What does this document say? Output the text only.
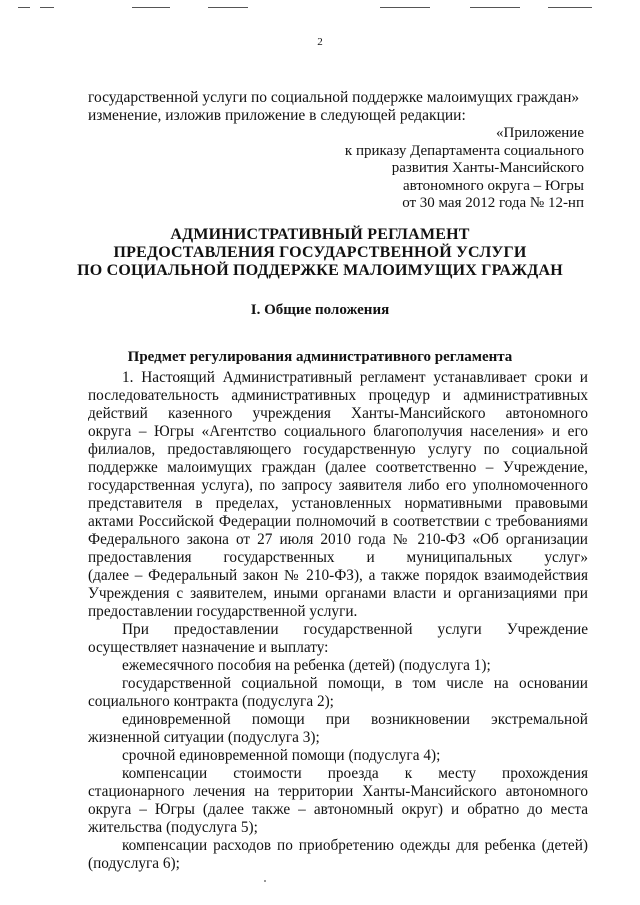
2
государственной услуги по социальной поддержке малоимущих граждан»
изменение, изложив приложение в следующей редакции:
«Приложение
к приказу Департамента социального
развития Ханты-Мансийского
автономного округа – Югры
от 30 мая 2012 года № 12-нп
АДМИНИСТРАТИВНЫЙ РЕГЛАМЕНТ
ПРЕДОСТАВЛЕНИЯ ГОСУДАРСТВЕННОЙ УСЛУГИ
ПО СОЦИАЛЬНОЙ ПОДДЕРЖКЕ МАЛОИМУЩИХ ГРАЖДАН
I. Общие положения
Предмет регулирования административного регламента
1. Настоящий Административный регламент устанавливает сроки и
последовательность административных процедур и административных
действий казенного учреждения Ханты-Мансийского автономного
округа – Югры «Агентство социального благополучия населения» и его
филиалов, предоставляющего государственную услугу по социальной
поддержке малоимущих граждан (далее соответственно – Учреждение,
государственная услуга), по запросу заявителя либо его уполномоченного
представителя в пределах, установленных нормативными правовыми
актами Российской Федерации полномочий в соответствии с требованиями
Федерального закона от 27 июля 2010 года № 210-ФЗ «Об организации
предоставления государственных и муниципальных услуг»
(далее – Федеральный закон № 210-ФЗ), а также порядок взаимодействия
Учреждения с заявителем, иными органами власти и организациями при
предоставлении государственной услуги.
При предоставлении государственной услуги Учреждение
осуществляет назначение и выплату:
ежемесячного пособия на ребенка (детей) (подуслуга 1);
государственной социальной помощи, в том числе на основании
социального контракта (подуслуга 2);
единовременной помощи при возникновении экстремальной
жизненной ситуации (подуслуга 3);
срочной единовременной помощи (подуслуга 4);
компенсации стоимости проезда к месту прохождения
стационарного лечения на территории Ханты-Мансийского автономного
округа – Югры (далее также – автономный округ) и обратно до места
жительства (подуслуга 5);
компенсации расходов по приобретению одежды для ребенка (детей)
(подуслуга 6);
